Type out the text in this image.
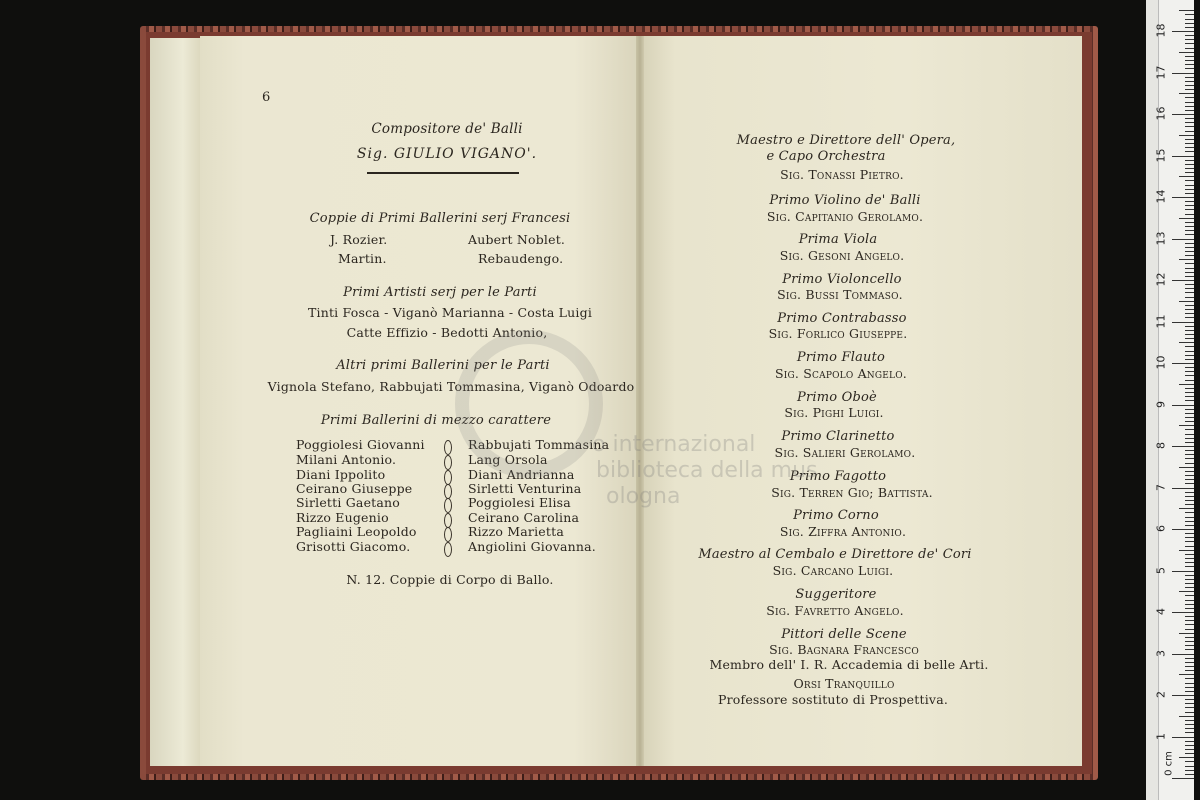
6
Compositore de' Balli
Sig. GIULIO VIGANO'.
Coppie di Primi Ballerini serj Francesi
J. Rozier.	Aubert Noblet.
Martin.	Rebaudengo.
Primi Artisti serj per le Parti
Tinti Fosca - Viganò Marianna - Costa Luigi
Catte Effizio - Bedotti Antonio,
Altri primi Ballerini per le Parti
Vignola Stefano, Rabbujati Tommasina, Viganò Odoardo
Primi Ballerini di mezzo carattere
Poggiolesi Giovanni	Rabbujati Tommasina
Milani Antonio.	Lang Orsola
Diani Ippolito	Diani Andrianna
Ceirano Giuseppe	Sirletti Venturina
Sirletti Gaetano	Poggiolesi Elisa
Rizzo Eugenio	Ceirano Carolina
Pagliaini Leopoldo	Rizzo Marietta
Grisotti Giacomo.	Angiolini Giovanna.
N. 12. Coppie di Corpo di Ballo.
Maestro e Direttore dell' Opera,
e Capo Orchestra
Sig. Tonassi Pietro.
Primo Violino de' Balli
Sig. Capitanio Gerolamo.
Prima Viola
Sig. Gesoni Angelo.
Primo Violoncello
Sig. Bussi Tommaso.
Primo Contrabasso
Sig. Forlico Giuseppe.
Primo Flauto
Sig. Scapolo Angelo.
Primo Oboè
Sig. Pighi Luigi.
Primo Clarinetto
Sig. Salieri Gerolamo.
Primo Fagotto
Sig. Terren Gio; Battista.
Primo Corno
Sig. Ziffra Antonio.
Maestro al Cembalo e Direttore de' Cori
Sig. Carcano Luigi.
Suggeritore
Sig. Favretto Angelo.
Pittori delle Scene
Sig. Bagnara Francesco
Membro dell' I. R. Accademia di belle Arti.
Orsi Tranquillo
Professore sostituto di Prospettiva.
o internazional
biblioteca della mus
ologna
0 cm
1
2
3
4
5
6
7
8
9
10
11
12
13
14
15
16
17
18
